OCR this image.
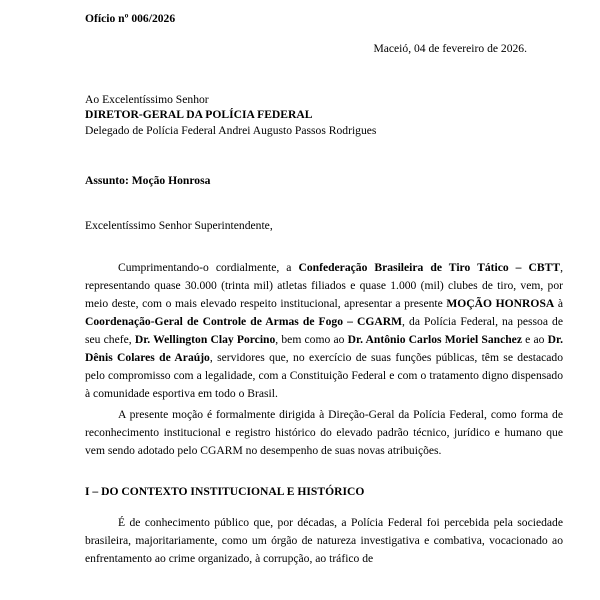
Ofício nº 006/2026
Maceió, 04 de fevereiro de 2026.
Ao Excelentíssimo Senhor
DIRETOR-GERAL DA POLÍCIA FEDERAL
Delegado de Polícia Federal Andrei Augusto Passos Rodrigues
Assunto: Moção Honrosa
Excelentíssimo Senhor Superintendente,

Cumprimentando-o cordialmente, a Confederação Brasileira de Tiro Tático – CBTT, representando quase 30.000 (trinta mil) atletas filiados e quase 1.000 (mil) clubes de tiro, vem, por meio deste, com o mais elevado respeito institucional, apresentar a presente MOÇÃO HONROSA à Coordenação-Geral de Controle de Armas de Fogo – CGARM, da Polícia Federal, na pessoa de seu chefe, Dr. Wellington Clay Porcino, bem como ao Dr. Antônio Carlos Moriel Sanchez e ao Dr. Dênis Colares de Araújo, servidores que, no exercício de suas funções públicas, têm se destacado pelo compromisso com a legalidade, com a Constituição Federal e com o tratamento digno dispensado à comunidade esportiva em todo o Brasil.

A presente moção é formalmente dirigida à Direção-Geral da Polícia Federal, como forma de reconhecimento institucional e registro histórico do elevado padrão técnico, jurídico e humano que vem sendo adotado pelo CGARM no desempenho de suas novas atribuições.

I – DO CONTEXTO INSTITUCIONAL E HISTÓRICO

É de conhecimento público que, por décadas, a Polícia Federal foi percebida pela sociedade brasileira, majoritariamente, como um órgão de natureza investigativa e combativa, vocacionado ao enfrentamento ao crime organizado, à corrupção, ao tráfico de
